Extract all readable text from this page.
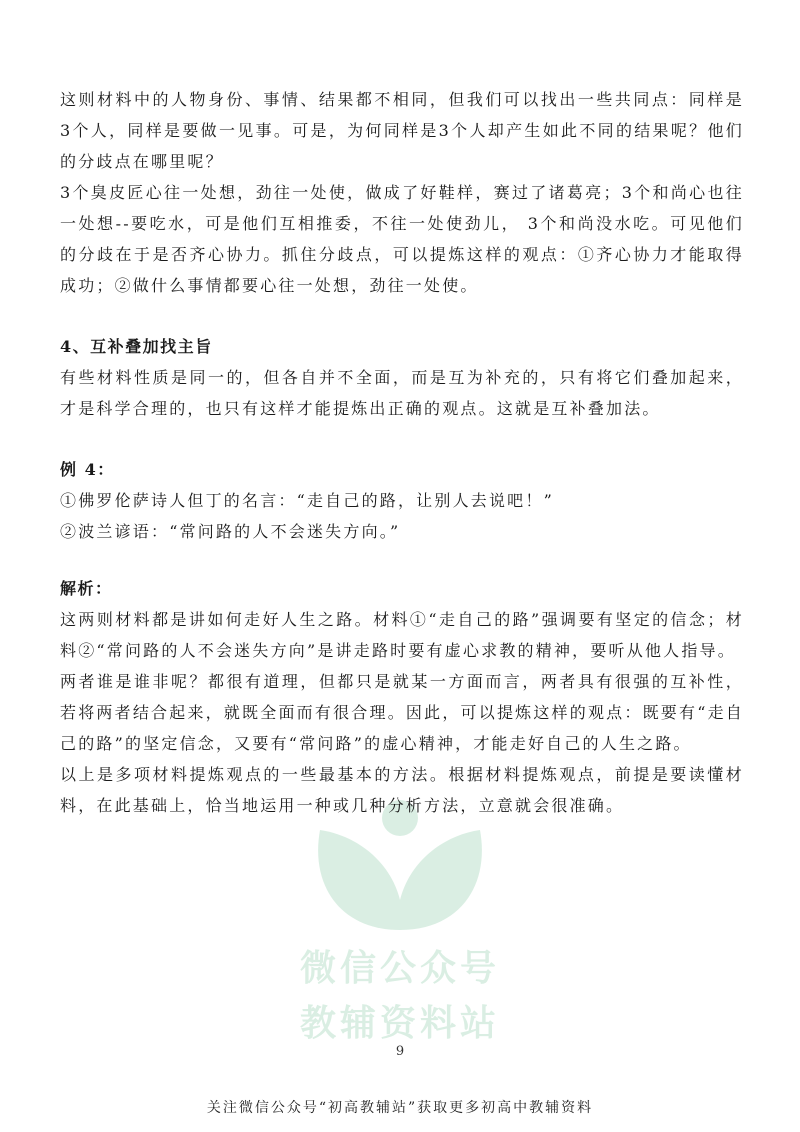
微信公众号
教辅资料站

这则材料中的人物身份、事情、结果都不相同，但我们可以找出一些共同点：同样是 3个人，同样是要做一见事。可是，为何同样是3个人却产生如此不同的结果呢？他们的分歧点在哪里呢？

3个臭皮匠心往一处想，劲往一处使，做成了好鞋样，赛过了诸葛亮；3个和尚心也往一处想--要吃水，可是他们互相推委，不往一处使劲儿， 3个和尚没水吃。可见他们的分歧在于是否齐心协力。抓住分歧点，可以提炼这样的观点：①齐心协力才能取得成功；②做什么事情都要心往一处想，劲往一处使。

4、互补叠加找主旨

有些材料性质是同一的，但各自并不全面，而是互为补充的，只有将它们叠加起来，才是科学合理的，也只有这样才能提炼出正确的观点。这就是互补叠加法。

例 4：

①佛罗伦萨诗人但丁的名言：“走自己的路，让别人去说吧！”

②波兰谚语：“常问路的人不会迷失方向。”

解析：

这两则材料都是讲如何走好人生之路。材料①“走自己的路”强调要有坚定的信念；材料②“常问路的人不会迷失方向”是讲走路时要有虚心求教的精神，要听从他人指导。

两者谁是谁非呢？都很有道理，但都只是就某一方面而言，两者具有很强的互补性，若将两者结合起来，就既全面而有很合理。因此，可以提炼这样的观点：既要有“走自己的路”的坚定信念，又要有“常问路”的虚心精神，才能走好自己的人生之路。

以上是多项材料提炼观点的一些最基本的方法。根据材料提炼观点，前提是要读懂材料，在此基础上，恰当地运用一种或几种分析方法，立意就会很准确。

9
关注微信公众号“初高教辅站”获取更多初高中教辅资料
